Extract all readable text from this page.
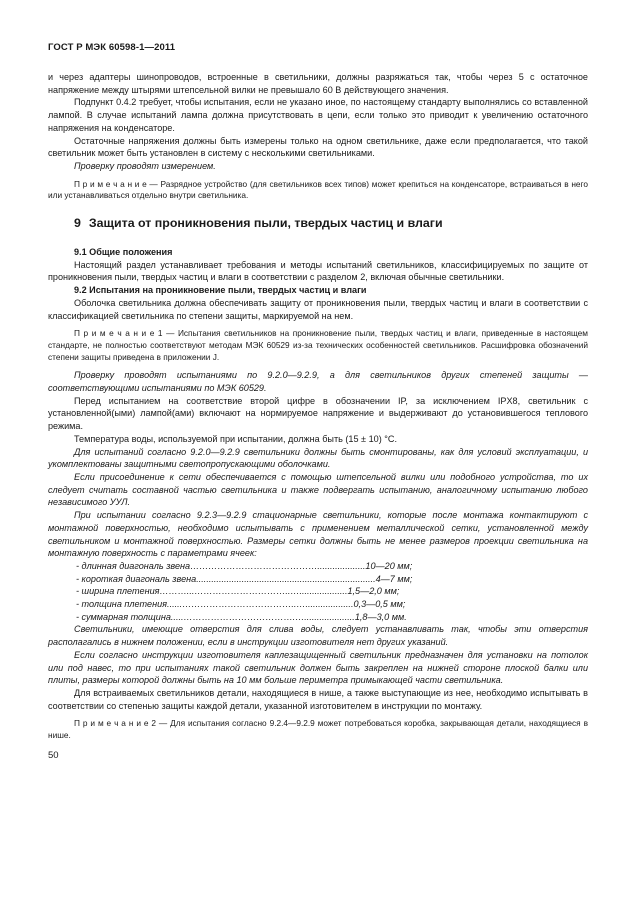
ГОСТ Р МЭК 60598-1—2011

и через адаптеры шинопроводов, встроенные в светильники, должны разряжаться так, чтобы через 5 с остаточное напряжение между штырями штепсельной вилки не превышало 60 В действующего значения.

Подпункт 0.4.2 требует, чтобы испытания, если не указано иное, по настоящему стандарту выполнялись со вставленной лампой. В случае испытаний лампа должна присутствовать в цепи, если только это приводит к увеличению остаточного напряжения на конденсаторе.

Остаточные напряжения должны быть измерены только на одном светильнике, даже если предполагается, что такой светильник может быть установлен в систему с несколькими светильниками.

Проверку проводят измерением.

П р и м е ч а н и е — Разрядное устройство (для светильников всех типов) может крепиться на конденсаторе, встраиваться в него или устанавливаться отдельно внутри светильника.

9 Защита от проникновения пыли, твердых частиц и влаги

9.1 Общие положения

Настоящий раздел устанавливает требования и методы испытаний светильников, классифицируемых по защите от проникновения пыли, твердых частиц и влаги в соответствии с разделом 2, включая обычные светильники.

9.2 Испытания на проникновение пыли, твердых частиц и влаги

Оболочка светильника должна обеспечивать защиту от проникновения пыли, твердых частиц и влаги в соответствии с классификацией светильника по степени защиты, маркируемой на нем.

П р и м е ч а н и е 1 — Испытания светильников на проникновение пыли, твердых частиц и влаги, приведенные в настоящем стандарте, не полностью соответствуют методам МЭК 60529 из-за технических особенностей светильников. Расшифровка обозначений степени защиты приведена в приложении J.

Проверку проводят испытаниями по 9.2.0—9.2.9, а для светильников других степеней защиты — соответствующими испытаниями по МЭК 60529.

Перед испытанием на соответствие второй цифре в обозначении IP, за исключением IPX8, светильник с установленной(ыми) лампой(ами) включают на нормируемое напряжение и выдерживают до установившегося теплового режима.

Температура воды, используемой при испытании, должна быть (15 ± 10) °С.

Для испытаний согласно 9.2.0—9.2.9 светильники должны быть смонтированы, как для условий эксплуатации, и укомплектованы защитными светопропускающими оболочками.

Если присоединение к сети обеспечивается с помощью штепсельной вилки или подобного устройства, то их следует считать составной частью светильника и также подвергать испытанию, аналогичному испытанию любого независимого УУЛ.

При испытании согласно 9.2.3—9.2.9 стационарные светильники, которые после монтажа контактируют с монтажной поверхностью, необходимо испытывать с применением металлической сетки, установленной между светильником и монтажной поверхностью. Размеры сетки должны быть не менее размеров проекции светильника на монтажную поверхность с параметрами ячеек:

- длинная диагональ звена ……………………………………................... 10—20 мм;
- короткая диагональ звена ....................................................................... 4—7 мм;
- ширина плетения ………...…………………………..…................... 1,5—2,0 мм;
- толщина плетения ......………………………………..…................... 0,3—0,5 мм;
- суммарная толщина .....……………………………….….................... 1,8—3,0 мм.

Светильники, имеющие отверстия для слива воды, следует устанавливать так, чтобы эти отверстия располагались в нижнем положении, если в инструкции изготовителя нет других указаний.

Если согласно инструкции изготовителя каплезащищенный светильник предназначен для установки на потолок или под навес, то при испытаниях такой светильник должен быть закреплен на нижней стороне плоской балки или плиты, размеры которой должны быть на 10 мм больше периметра примыкающей части светильника.

Для встраиваемых светильников детали, находящиеся в нише, а также выступающие из нее, необходимо испытывать в соответствии со степенью защиты каждой детали, указанной изготовителем в инструкции по монтажу.

П р и м е ч а н и е 2 — Для испытания согласно 9.2.4—9.2.9 может потребоваться коробка, закрывающая детали, находящиеся в нише.

50
